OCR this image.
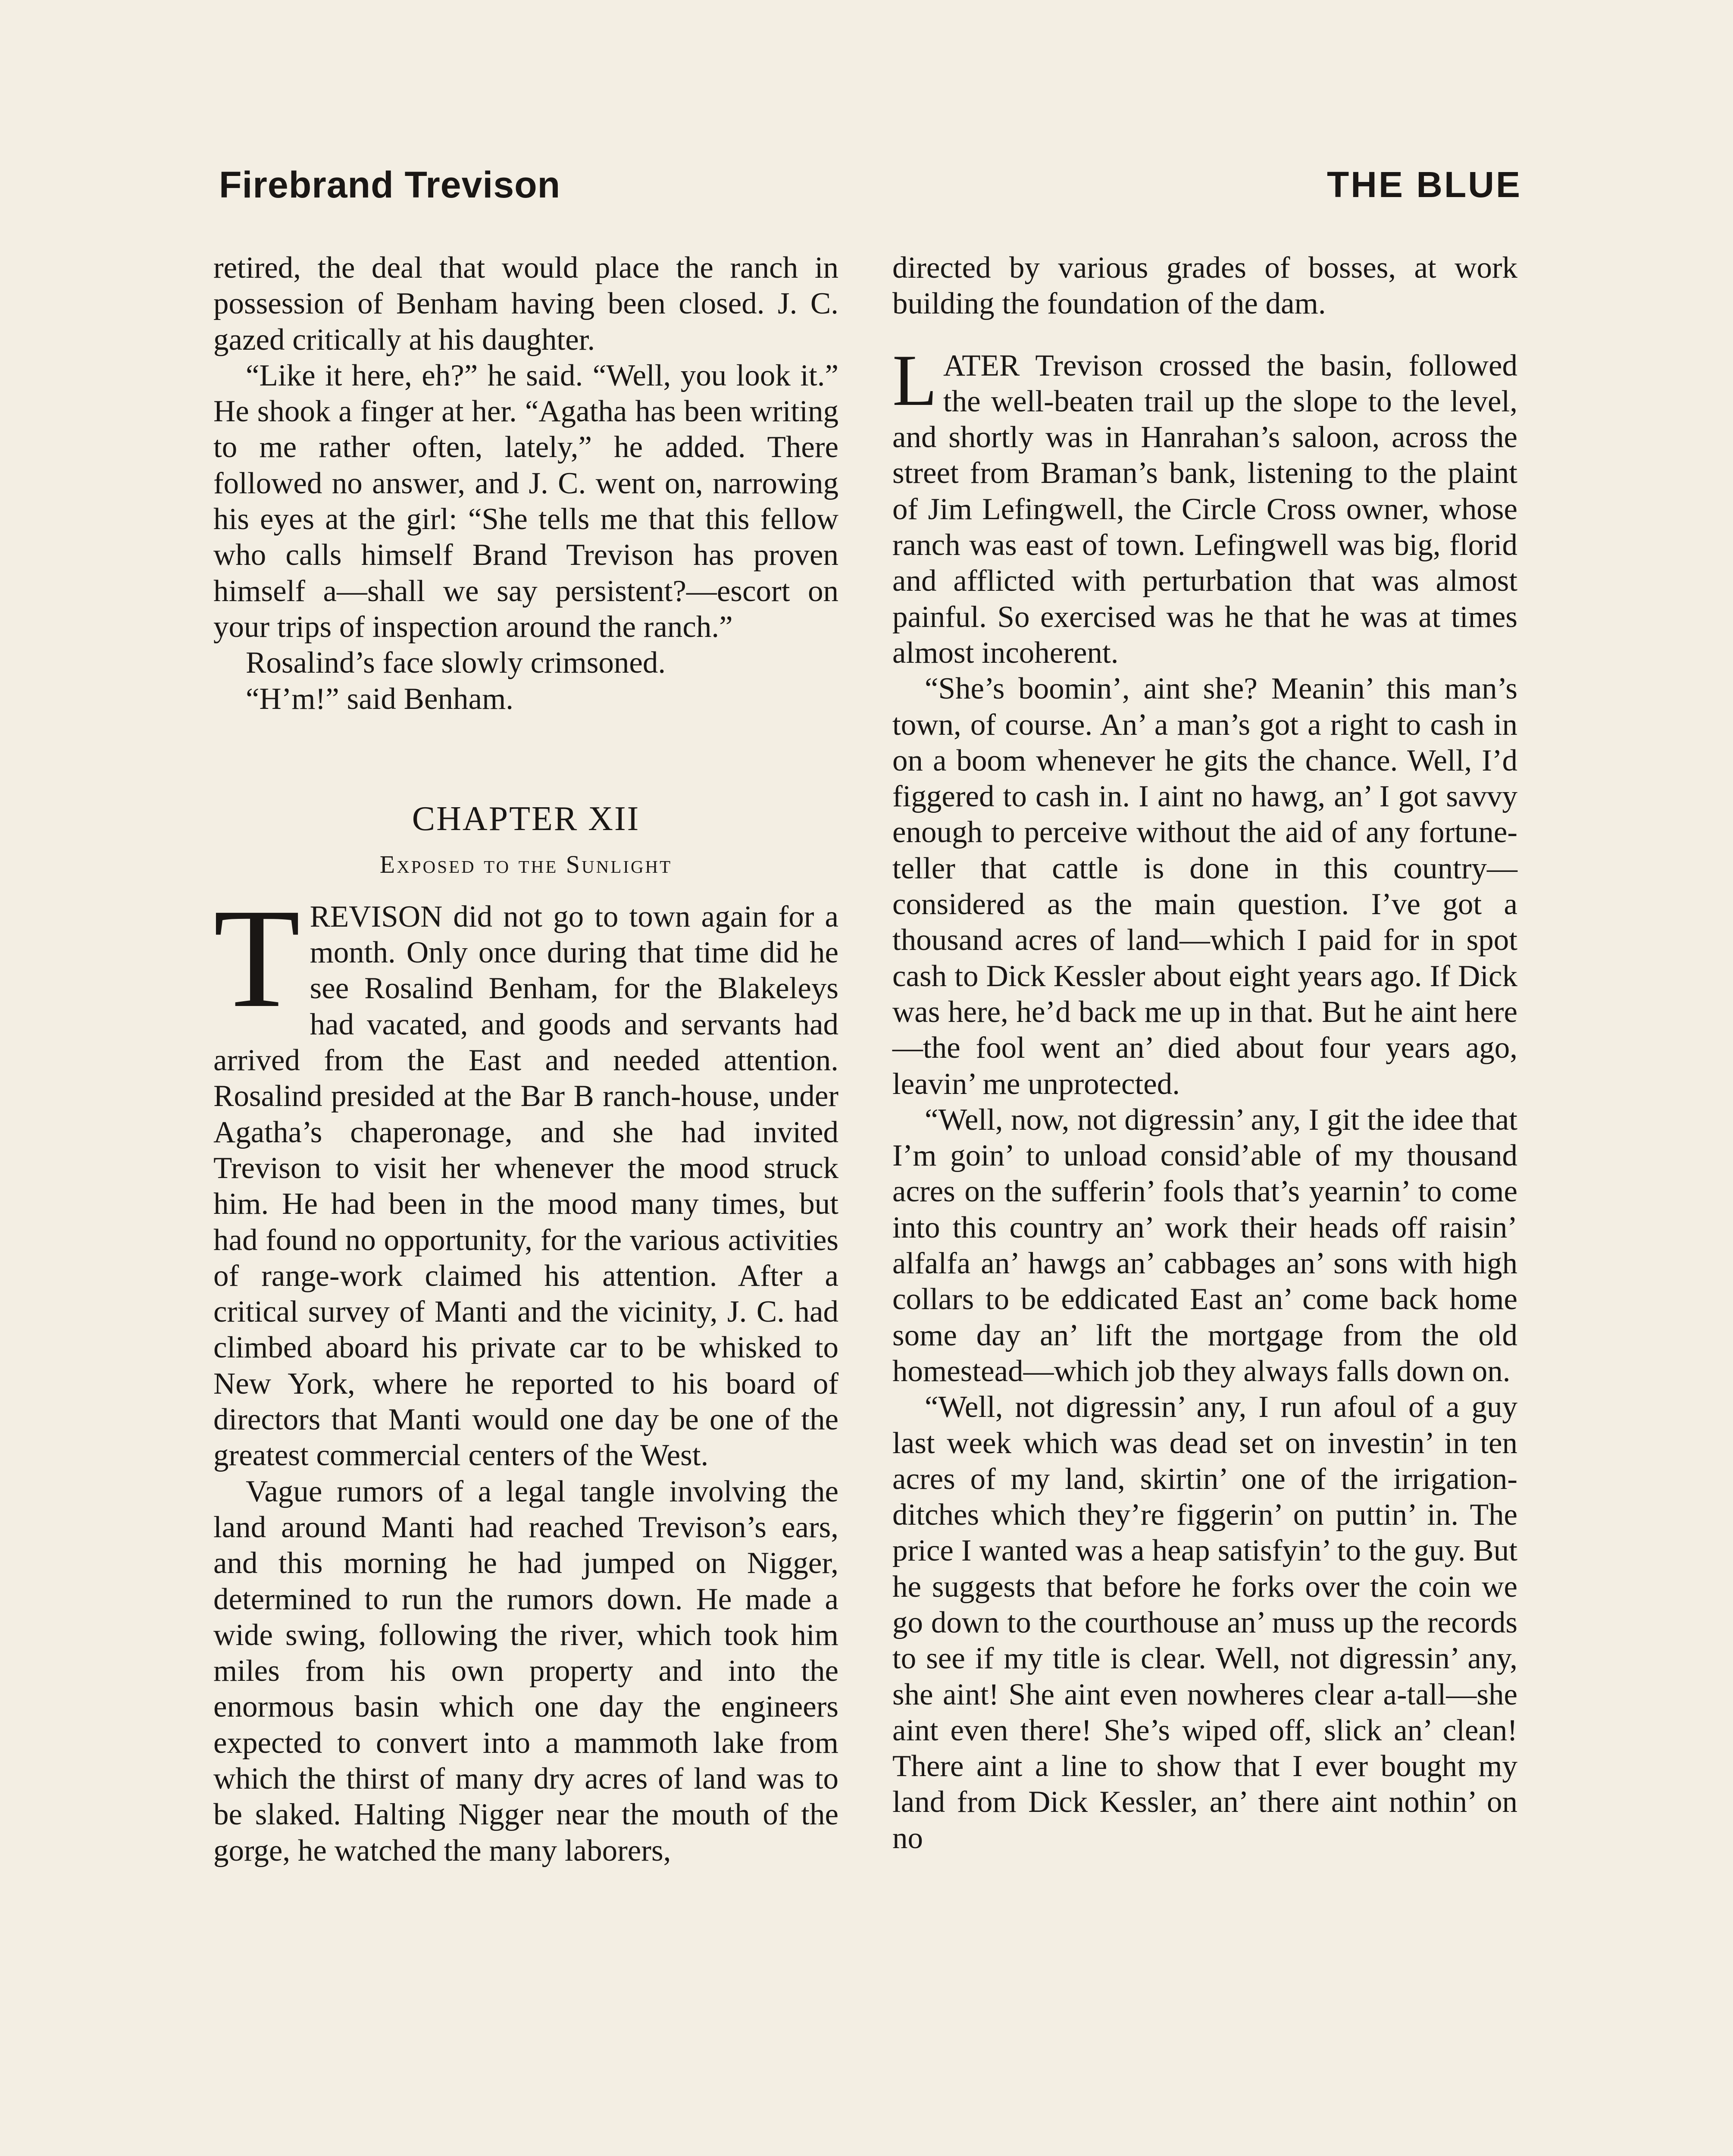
Firebrand Trevison	THE BLUE

retired, the deal that would place the ranch in possession of Benham having been closed. J. C. gazed critically at his daughter.

“Like it here, eh?” he said. “Well, you look it.” He shook a finger at her. “Agatha has been writing to me rather often, lately,” he added. There followed no answer, and J. C. went on, narrowing his eyes at the girl: “She tells me that this fellow who calls himself Brand Trevison has proven himself a—shall we say persistent?—escort on your trips of inspection around the ranch.”

Rosalind’s face slowly crimsoned.

“H’m!” said Benham.

CHAPTER XII
Exposed to the Sunlight

TREVISON did not go to town again for a month. Only once during that time did he see Rosalind Benham, for the Blakeleys had vacated, and goods and servants had arrived from the East and needed attention. Rosalind presided at the Bar B ranch-house, under Agatha’s chaperonage, and she had invited Trevison to visit her whenever the mood struck him. He had been in the mood many times, but had found no opportunity, for the various activities of range-work claimed his attention. After a critical survey of Manti and the vicinity, J. C. had climbed aboard his private car to be whisked to New York, where he reported to his board of directors that Manti would one day be one of the greatest commercial centers of the West.

Vague rumors of a legal tangle involving the land around Manti had reached Trevison’s ears, and this morning he had jumped on Nigger, determined to run the rumors down. He made a wide swing, following the river, which took him miles from his own property and into the enormous basin which one day the engineers expected to convert into a mammoth lake from which the thirst of many dry acres of land was to be slaked. Halting Nigger near the mouth of the gorge, he watched the many laborers,

directed by various grades of bosses, at work building the foundation of the dam.

LATER Trevison crossed the basin, followed the well-beaten trail up the slope to the level, and shortly was in Hanrahan’s saloon, across the street from Braman’s bank, listening to the plaint of Jim Lefingwell, the Circle Cross owner, whose ranch was east of town. Lefingwell was big, florid and afflicted with perturbation that was almost painful. So exercised was he that he was at times almost incoherent.

“She’s boomin’, aint she? Meanin’ this man’s town, of course. An’ a man’s got a right to cash in on a boom whenever he gits the chance. Well, I’d figgered to cash in. I aint no hawg, an’ I got savvy enough to perceive without the aid of any fortune-teller that cattle is done in this country—considered as the main question. I’ve got a thousand acres of land—which I paid for in spot cash to Dick Kessler about eight years ago. If Dick was here, he’d back me up in that. But he aint here—the fool went an’ died about four years ago, leavin’ me unprotected.

“Well, now, not digressin’ any, I git the idee that I’m goin’ to unload consid’able of my thousand acres on the sufferin’ fools that’s yearnin’ to come into this country an’ work their heads off raisin’ alfalfa an’ hawgs an’ cabbages an’ sons with high collars to be eddicated East an’ come back home some day an’ lift the mortgage from the old homestead—which job they always falls down on.

“Well, not digressin’ any, I run afoul of a guy last week which was dead set on investin’ in ten acres of my land, skirtin’ one of the irrigation-ditches which they’re figgerin’ on puttin’ in. The price I wanted was a heap satisfyin’ to the guy. But he suggests that before he forks over the coin we go down to the courthouse an’ muss up the records to see if my title is clear. Well, not digressin’ any, she aint! She aint even nowheres clear a-tall—she aint even there! She’s wiped off, slick an’ clean! There aint a line to show that I ever bought my land from Dick Kessler, an’ there aint nothin’ on no
